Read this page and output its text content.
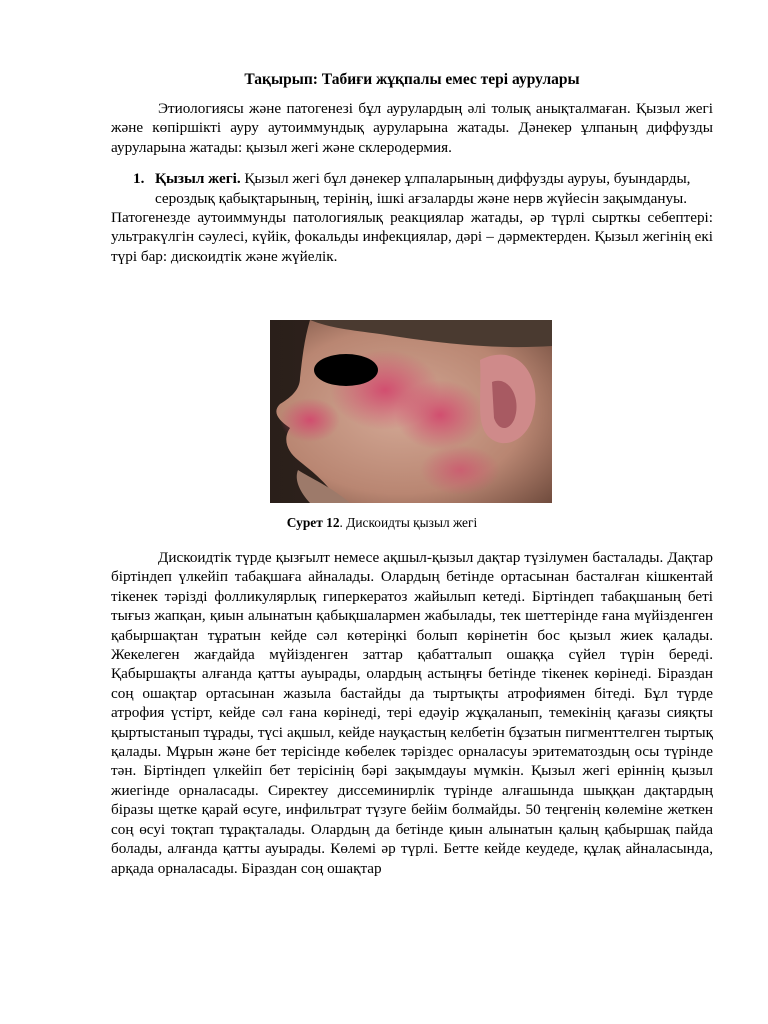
Тақырып: Табиғи жұқпалы емес тері аурулары

Этиологиясы және патогенезі бұл аурулардың әлі толық анықталмаған. Қызыл жегі және көпіршікті ауру аутоиммундық ауруларына жатады. Дәнекер ұлпаның диффузды ауруларына жатады: қызыл жегі және склеродермия.

1. Қызыл жегі. Қызыл жегі бұл дәнекер ұлпаларының диффузды ауруы, буындарды, сероздық қабықтарының, терінің, ішкі ағзаларды және нерв жүйесін зақымдануы.

Патогенезде аутоиммунды патологиялық реакциялар жатады, әр түрлі сырткы себептері: ультракүлгін сәулесі, күйік, фокальды инфекциялар, дәрі – дәрмектерден. Қызыл жегінің екі түрі бар: дискоидтік және жүйелік.

Сурет 12. Дискоидты қызыл жегі

Дискоидтік түрде қызғылт немесе ақшыл-қызыл дақтар түзілумен басталады. Дақтар біртіндеп үлкейіп табақшаға айналады. Олардың бетінде ортасынан басталған кішкентай тікенек тәрізді фолликулярлық гиперкератоз жайылып кетеді. Біртіндеп табақшаның беті тығыз жапқан, қиын алынатын қабықшалармен жабылады, тек шеттерінде ғана мүйізденген қабыршақтан тұратын кейде сәл көтеріңкі болып көрінетін бос қызыл жиек қалады. Жекелеген жағдайда мүйізденген заттар қабатталып ошаққа сүйел түрін береді. Қабыршақты алғанда қатты ауырады, олардың астыңғы бетінде тікенек көрінеді. Біраздан соң ошақтар ортасынан жазыла бастайды да тыртықты атрофиямен бітеді. Бұл түрде атрофия үстірт, кейде сәл ғана көрінеді, тері едәуір жұқаланып, темекінің қағазы сияқты қыртыстанып тұрады, түсі ақшыл, кейде науқастың келбетін бұзатын пигменттелген тыртық қалады. Мұрын және бет терісінде көбелек тәріздес орналасуы эритематоздың осы түрінде тән. Біртіндеп үлкейіп бет терісінің бәрі зақымдауы мүмкін. Қызыл жегі еріннің қызыл жиегінде орналасады. Сиректеу диссеминирлік түрінде алғашында шыққан дақтардың біразы щетке қарай өсуге, инфильтрат түзуге бейім болмайды. 50 теңгенің көлеміне жеткен соң өсуі тоқтап тұрақталады. Олардың да бетінде қиын алынатын қалың қабыршақ пайда болады, алғанда қатты ауырады. Көлемі әр түрлі. Бетте кейде кеудеде, құлақ айналасында, арқада орналасады. Біраздан соң ошақтар
